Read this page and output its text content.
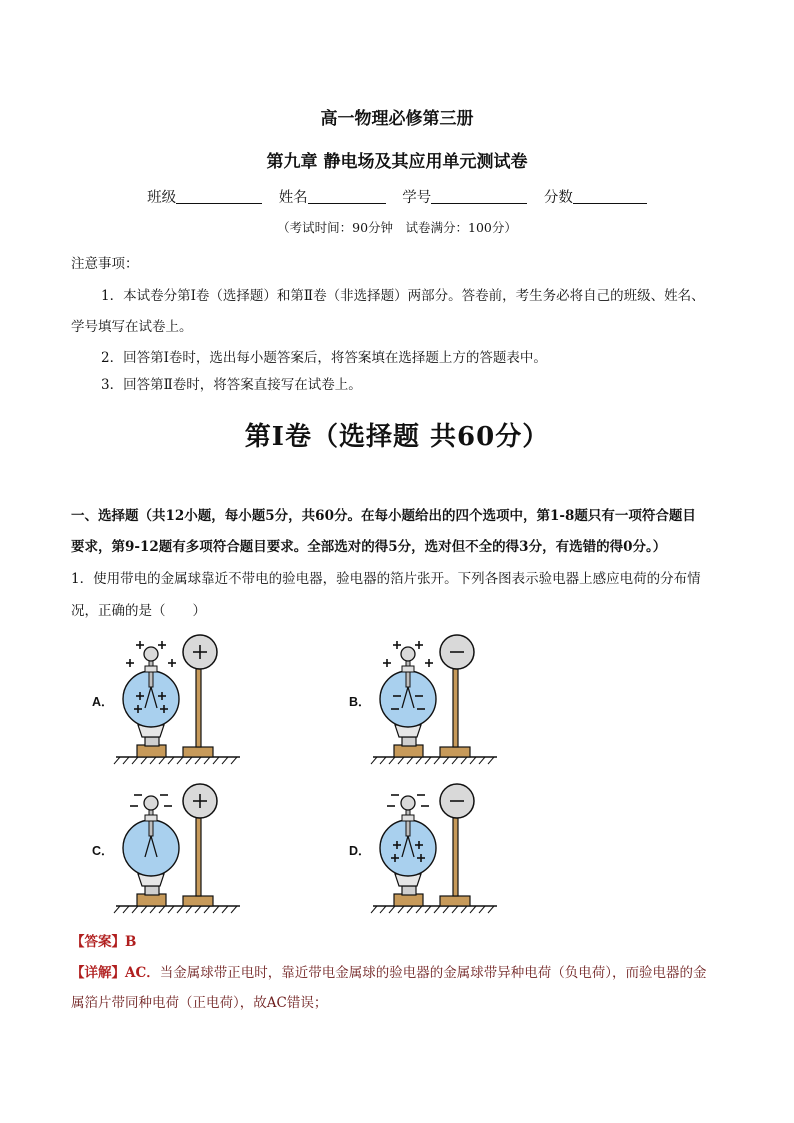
高一物理必修第三册
第九章 静电场及其应用单元测试卷
班级	姓名	学号	分数
（考试时间：90分钟　试卷满分：100分）
注意事项：
1．本试卷分第Ⅰ卷（选择题）和第Ⅱ卷（非选择题）两部分。答卷前，考生务必将自己的班级、姓名、
学号填写在试卷上。
2．回答第Ⅰ卷时，选出每小题答案后，将答案填在选择题上方的答题表中。
3．回答第Ⅱ卷时，将答案直接写在试卷上。
第Ⅰ卷（选择题 共60分）
一、选择题（共12小题，每小题5分，共60分。在每小题给出的四个选项中，第1-8题只有一项符合题目
要求，第9-12题有多项符合题目要求。全部选对的得5分，选对但不全的得3分，有选错的得0分。）
1．使用带电的金属球靠近不带电的验电器，验电器的箔片张开。下列各图表示验电器上感应电荷的分布情
况，正确的是（　　）
A．	B．
C．	D．
【答案】B
【详解】AC．当金属球带正电时，靠近带电金属球的验电器的金属球带异种电荷（负电荷），而验电器的金
属箔片带同种电荷（正电荷），故AC错误；
